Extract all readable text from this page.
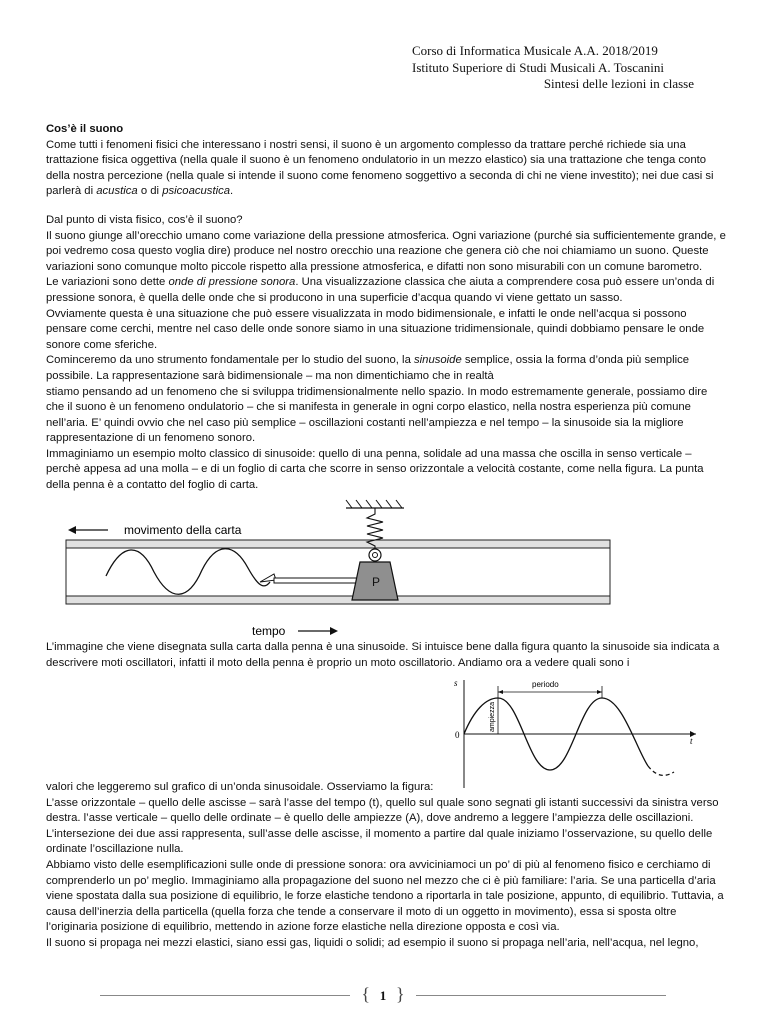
Corso di Informatica Musicale A.A. 2018/2019
Istituto Superiore di Studi Musicali A. Toscanini
Sintesi delle lezioni in classe

Cos’è il suono

Come tutti i fenomeni fisici che interessano i nostri sensi, il suono è un argomento complesso da trattare perché richiede sia una trattazione fisica oggettiva (nella quale il suono è un fenomeno ondulatorio in un mezzo elastico) sia una trattazione che tenga conto della nostra percezione (nella quale si intende il suono come fenomeno soggettivo a seconda di chi ne viene investito); nei due casi si parlerà di acustica o di psicoacustica.

Dal punto di vista fisico, cos’è il suono?

Il suono giunge all’orecchio umano come variazione della pressione atmosferica. Ogni variazione (purché sia sufficientemente grande, e poi vedremo cosa questo voglia dire) produce nel nostro orecchio una reazione che genera ciò che noi chiamiamo un suono. Queste variazioni sono comunque molto piccole rispetto alla pressione atmosferica, e difatti non sono misurabili con un comune barometro.

Le variazioni sono dette onde di pressione sonora. Una visualizzazione classica che aiuta a comprendere cosa può essere un’onda di pressione sonora, è quella delle onde che si producono in una superficie d’acqua quando vi viene gettato un sasso.

Ovviamente questa è una situazione che può essere visualizzata in modo bidimensionale, e infatti le onde nell’acqua si possono pensare come cerchi, mentre nel caso delle onde sonore siamo in una situazione tridimensionale, quindi dobbiamo pensare le onde sonore come sferiche.

Cominceremo da uno strumento fondamentale per lo studio del suono, la sinusoide semplice, ossia la forma d’onda più semplice possibile. La rappresentazione sarà bidimensionale – ma non dimentichiamo che in realtà

stiamo pensando ad un fenomeno che si sviluppa tridimensionalmente nello spazio. In modo estremamente generale, possiamo dire che il suono è un fenomeno ondulatorio – che si manifesta in generale in ogni corpo elastico, nella nostra esperienza più comune nell’aria. E’ quindi ovvio che nel caso più semplice – oscillazioni costanti nell’ampiezza e nel tempo – la sinusoide sia la migliore rappresentazione di un fenomeno sonoro.

Immaginiamo un esempio molto classico di sinusoide: quello di una penna, solidale ad una massa che oscilla in senso verticale – perchè appesa ad una molla – e di un foglio di carta che scorre in senso orizzontale a velocità costante, come nella figura. La punta della penna è a contatto del foglio di carta.

movimento della carta
P
tempo
L’immagine che viene disegnata sulla carta dalla penna è una sinusoide. Si intuisce bene dalla figura quanto la sinusoide sia indicata a descrivere moti oscillatori, infatti il moto della penna è proprio un moto oscillatorio. Andiamo ora a vedere quali sono i
s
t
0
ampiezza
periodo

valori che leggeremo sul grafico di un’onda sinusoidale. Osserviamo la figura:

L’asse orizzontale – quello delle ascisse – sarà l’asse del tempo (t), quello sul quale sono segnati gli istanti successivi da sinistra verso destra. l’asse verticale – quello delle ordinate – è quello delle ampiezze (A), dove andremo a leggere l’ampiezza delle oscillazioni. L’intersezione dei due assi rappresenta, sull’asse delle ascisse, il momento a partire dal quale iniziamo l’osservazione, su quello delle ordinate l’oscillazione nulla.

Abbiamo visto delle esemplificazioni sulle onde di pressione sonora: ora avviciniamoci un po’ di più al fenomeno fisico e cerchiamo di comprenderlo un po’ meglio. Immaginiamo alla propagazione del suono nel mezzo che ci è più familiare: l’aria. Se una particella d’aria viene spostata dalla sua posizione di equilibrio, le forze elastiche tendono a riportarla in tale posizione, appunto, di equilibrio. Tuttavia, a causa dell’inerzia della particella (quella forza che tende a conservare il moto di un oggetto in movimento), essa si sposta oltre l’originaria posizione di equilibrio, mettendo in azione forze elastiche nella direzione opposta e così via.

Il suono si propaga nei mezzi elastici, siano essi gas, liquidi o solidi; ad esempio il suono si propaga nell’aria, nell’acqua, nel legno,

{ 1 }
